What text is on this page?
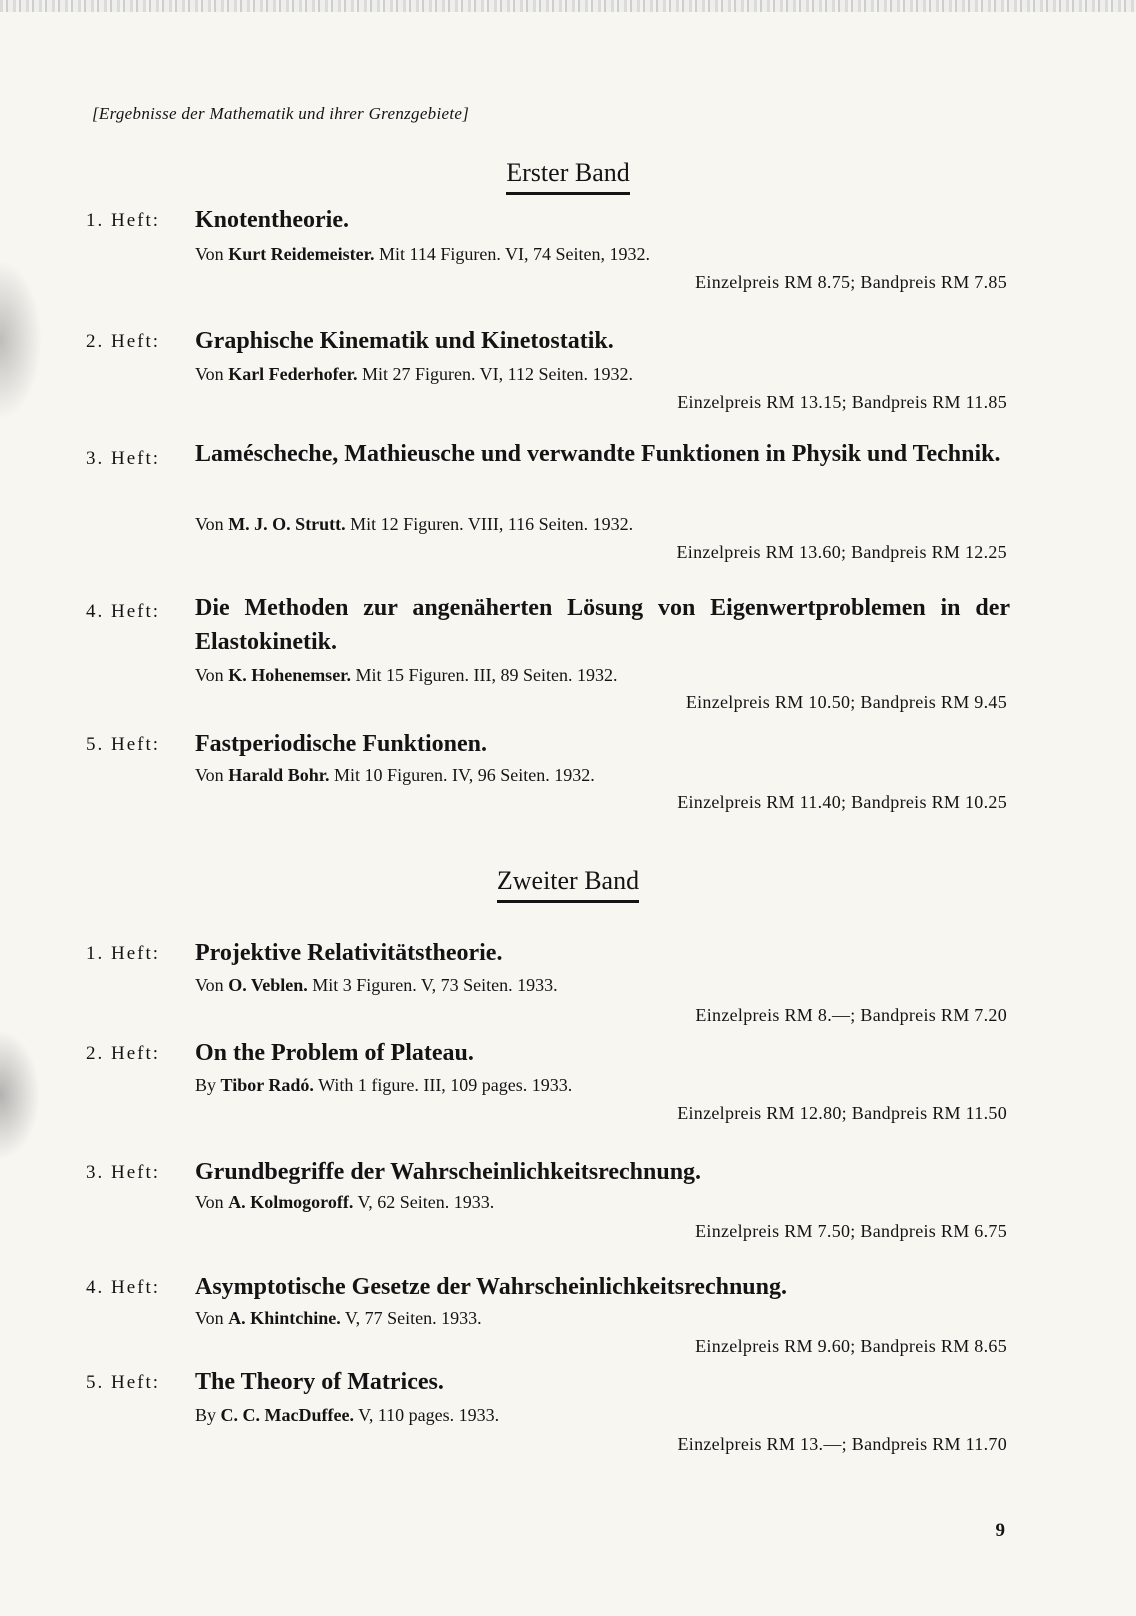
[Ergebnisse der Mathematik und ihrer Grenzgebiete]
Erster Band
1. Heft: Knotentheorie.
Von Kurt Reidemeister. Mit 114 Figuren. VI, 74 Seiten, 1932.
Einzelpreis RM 8.75; Bandpreis RM 7.85
2. Heft: Graphische Kinematik und Kinetostatik.
Von Karl Federhofer. Mit 27 Figuren. VI, 112 Seiten. 1932.
Einzelpreis RM 13.15; Bandpreis RM 11.85
3. Heft: Laméscheche, Mathieusche und verwandte Funktionen in Physik und Technik.
Von M. J. O. Strutt. Mit 12 Figuren. VIII, 116 Seiten. 1932.
Einzelpreis RM 13.60; Bandpreis RM 12.25
4. Heft: Die Methoden zur angenäherten Lösung von Eigenwertproblemen in der Elastokinetik.
Von K. Hohenemser. Mit 15 Figuren. III, 89 Seiten. 1932.
Einzelpreis RM 10.50; Bandpreis RM 9.45
5. Heft: Fastperiodische Funktionen.
Von Harald Bohr. Mit 10 Figuren. IV, 96 Seiten. 1932.
Einzelpreis RM 11.40; Bandpreis RM 10.25
Zweiter Band
1. Heft: Projektive Relativitätstheorie.
Von O. Veblen. Mit 3 Figuren. V, 73 Seiten. 1933.
Einzelpreis RM 8.—; Bandpreis RM 7.20
2. Heft: On the Problem of Plateau.
By Tibor Radó. With 1 figure. III, 109 pages. 1933.
Einzelpreis RM 12.80; Bandpreis RM 11.50
3. Heft: Grundbegriffe der Wahrscheinlichkeitsrechnung.
Von A. Kolmogoroff. V, 62 Seiten. 1933.
Einzelpreis RM 7.50; Bandpreis RM 6.75
4. Heft: Asymptotische Gesetze der Wahrscheinlichkeitsrechnung.
Von A. Khintchine. V, 77 Seiten. 1933.
Einzelpreis RM 9.60; Bandpreis RM 8.65
5. Heft: The Theory of Matrices.
By C. C. MacDuffee. V, 110 pages. 1933.
Einzelpreis RM 13.—; Bandpreis RM 11.70
9
